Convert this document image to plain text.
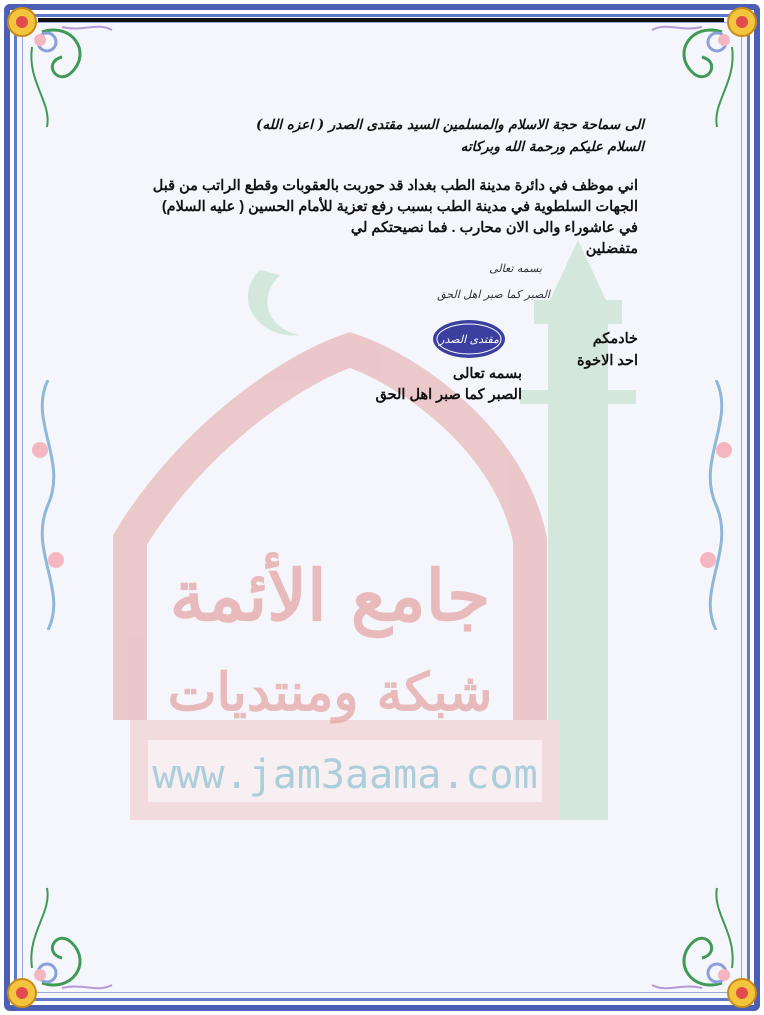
جامع الأئمة
شبكة ومنتديات
www.jam3aama.com
الى سماحة حجة الاسلام والمسلمين السيد مقتدى الصدر ( اعزه الله)
السلام عليكم ورحمة الله وبركاته
اني موظف في دائرة مدينة الطب بغداد قد حوربت بالعقوبات وقطع الراتب من قبل
الجهات السلطوية في مدينة الطب بسبب رفع تعزية للأمام الحسين ( عليه السلام)
في عاشوراء والى الان محارب . فما نصيحتكم لي
متفضلين
بسمه تعالى
الصبر كما صبر اهل الحق
مقتدى الصدر	خادمكم
احد الاخوة
بسمه تعالى
الصبر كما صبر اهل الحق
